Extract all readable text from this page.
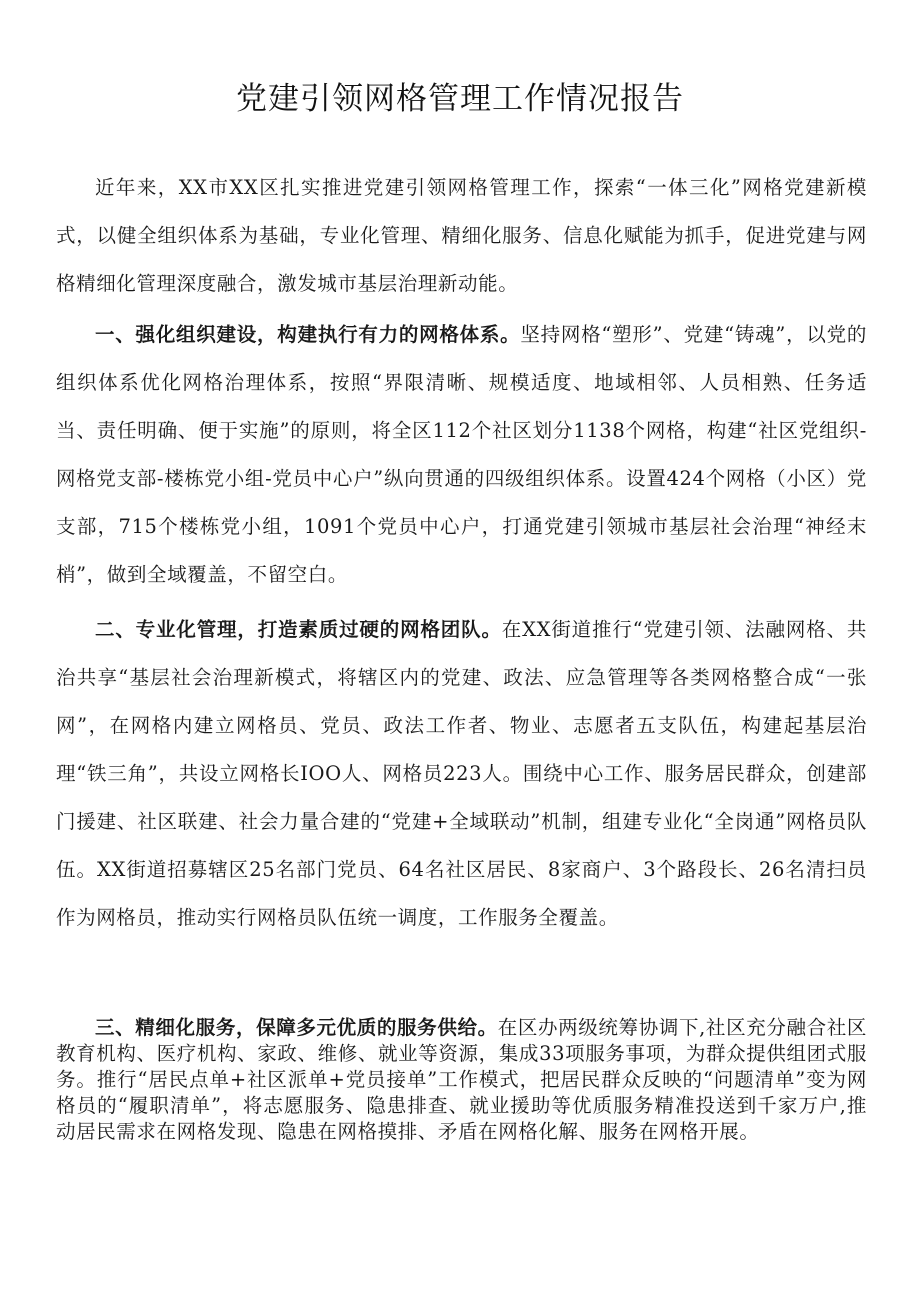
党建引领网格管理工作情况报告

近年来，XX市XX区扎实推进党建引领网格管理工作，探索“一体三化”网格党建新模式，以健全组织体系为基础，专业化管理、精细化服务、信息化赋能为抓手，促进党建与网格精细化管理深度融合，激发城市基层治理新动能。

一、强化组织建设，构建执行有力的网格体系。坚持网格“塑形”、党建“铸魂”，以党的组织体系优化网格治理体系，按照“界限清晰、规模适度、地域相邻、人员相熟、任务适当、责任明确、便于实施”的原则，将全区112个社区划分1138个网格，构建“社区党组织-网格党支部-楼栋党小组-党员中心户”纵向贯通的四级组织体系。设置424个网格（小区）党支部，715个楼栋党小组，1091个党员中心户，打通党建引领城市基层社会治理“神经末梢”，做到全域覆盖，不留空白。

二、专业化管理，打造素质过硬的网格团队。在XX街道推行“党建引领、法融网格、共治共享“基层社会治理新模式，将辖区内的党建、政法、应急管理等各类网格整合成“一张网”，在网格内建立网格员、党员、政法工作者、物业、志愿者五支队伍，构建起基层治理“铁三角”，共设立网格长IOO人、网格员223人。围绕中心工作、服务居民群众，创建部门援建、社区联建、社会力量合建的“党建+全域联动”机制，组建专业化“全岗通”网格员队伍。XX街道招募辖区25名部门党员、64名社区居民、8家商户、3个路段长、26名清扫员作为网格员，推动实行网格员队伍统一调度，工作服务全覆盖。

三、精细化服务，保障多元优质的服务供给。在区办两级统筹协调下,社区充分融合社区教育机构、医疗机构、家政、维修、就业等资源，集成33项服务事项，为群众提供组团式服务。推行“居民点单+社区派单+党员接单”工作模式，把居民群众反映的“问题清单”变为网格员的“履职清单”，将志愿服务、隐患排查、就业援助等优质服务精准投送到千家万户,推动居民需求在网格发现、隐患在网格摸排、矛盾在网格化解、服务在网格开展。
